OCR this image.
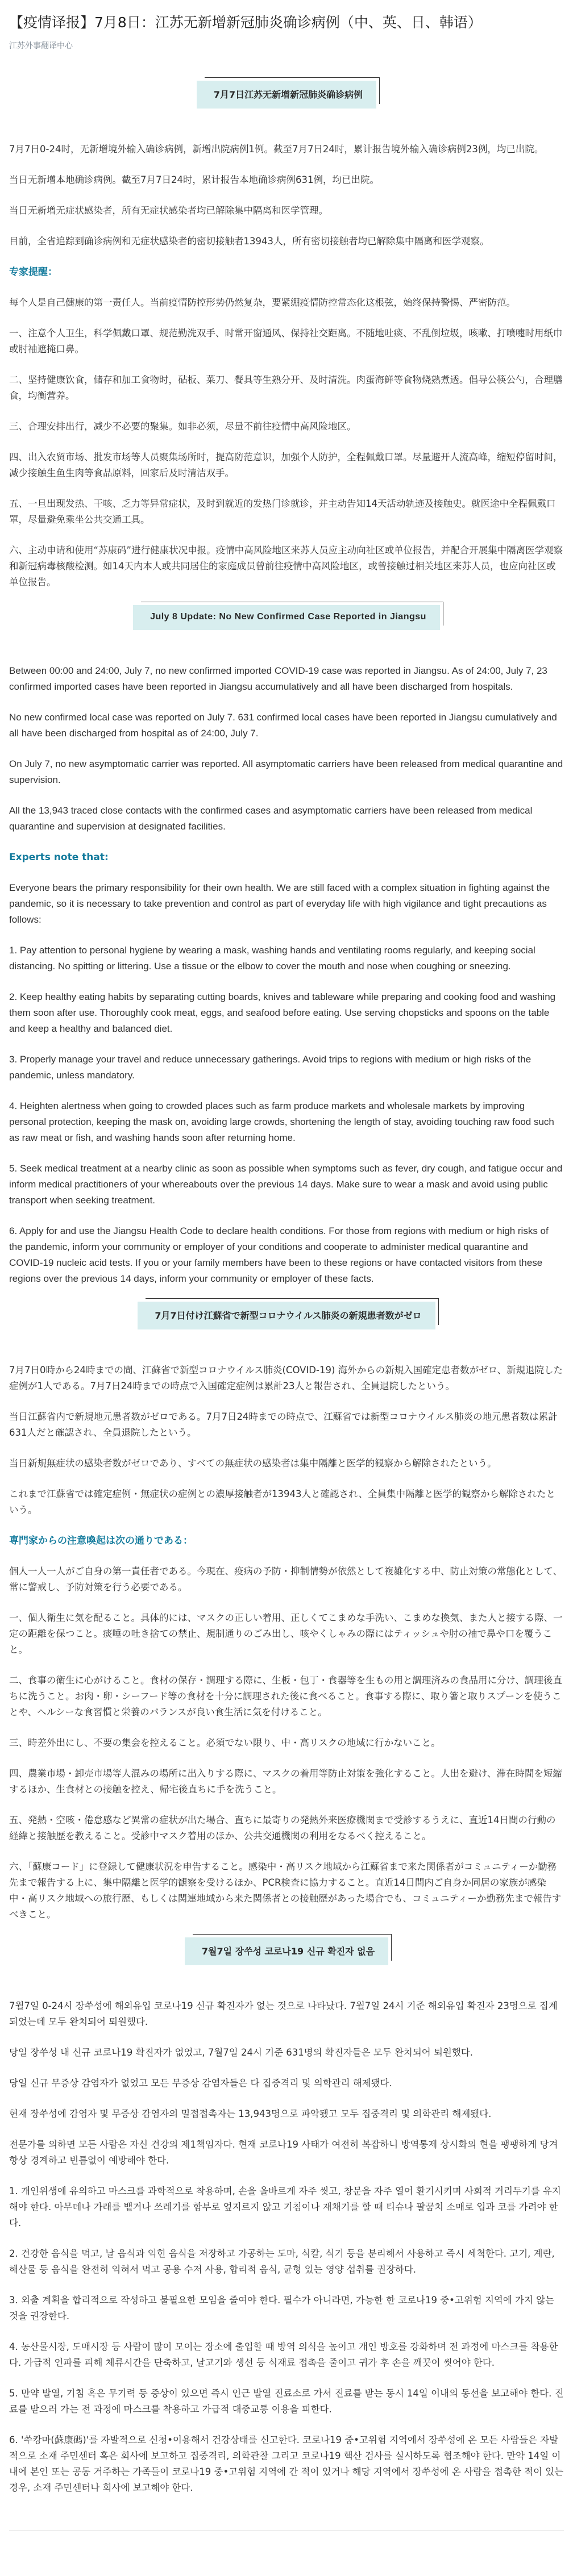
【疫情译报】7月8日：江苏无新增新冠肺炎确诊病例（中、英、日、韩语）
江苏外事翻译中心
7月7日江苏无新增新冠肺炎确诊病例

7月7日0-24时，无新增境外输入确诊病例，新增出院病例1例。截至7月7日24时，累计报告境外输入确诊病例23例，均已出院。

当日无新增本地确诊病例。截至7月7日24时，累计报告本地确诊病例631例，均已出院。

当日无新增无症状感染者，所有无症状感染者均已解除集中隔离和医学管理。

目前，全省追踪到确诊病例和无症状感染者的密切接触者13943人，所有密切接触者均已解除集中隔离和医学观察。

专家提醒：

每个人是自己健康的第一责任人。当前疫情防控形势仍然复杂，要紧绷疫情防控常态化这根弦，始终保持警惕、严密防范。

一、注意个人卫生，科学佩戴口罩、规范勤洗双手、时常开窗通风、保持社交距离。不随地吐痰、不乱倒垃圾，咳嗽、打喷嚏时用纸巾或肘袖遮掩口鼻。

二、坚持健康饮食，储存和加工食物时，砧板、菜刀、餐具等生熟分开、及时清洗。肉蛋海鲜等食物烧熟煮透。倡导公筷公勺，合理膳食，均衡营养。

三、合理安排出行，减少不必要的聚集。如非必须，尽量不前往疫情中高风险地区。

四、出入农贸市场、批发市场等人员聚集场所时，提高防范意识，加强个人防护，全程佩戴口罩。尽量避开人流高峰，缩短停留时间，减少接触生鱼生肉等食品原料，回家后及时清洁双手。

五、一旦出现发热、干咳、乏力等异常症状，及时到就近的发热门诊就诊，并主动告知14天活动轨迹及接触史。就医途中全程佩戴口罩，尽量避免乘坐公共交通工具。

六、主动申请和使用“苏康码”进行健康状况申报。疫情中高风险地区来苏人员应主动向社区或单位报告，并配合开展集中隔离医学观察和新冠病毒核酸检测。如14天内本人或共同居住的家庭成员曾前往疫情中高风险地区，或曾接触过相关地区来苏人员，也应向社区或单位报告。

July 8 Update: No New Confirmed Case Reported in Jiangsu

Between 00:00 and 24:00, July 7, no new confirmed imported COVID-19 case was reported in Jiangsu. As of 24:00, July 7, 23 confirmed imported cases have been reported in Jiangsu accumulatively and all have been discharged from hospitals.

No new confirmed local case was reported on July 7. 631 confirmed local cases have been reported in Jiangsu cumulatively and all have been discharged from hospital as of 24:00, July 7.

On July 7, no new asymptomatic carrier was reported. All asymptomatic carriers have been released from medical quarantine and supervision.

All the 13,943 traced close contacts with the confirmed cases and asymptomatic carriers have been released from medical quarantine and supervision at designated facilities.

Experts note that:

Everyone bears the primary responsibility for their own health. We are still faced with a complex situation in fighting against the pandemic, so it is necessary to take prevention and control as part of everyday life with high vigilance and tight precautions as follows:

1. Pay attention to personal hygiene by wearing a mask, washing hands and ventilating rooms regularly, and keeping social distancing. No spitting or littering. Use a tissue or the elbow to cover the mouth and nose when coughing or sneezing.

2. Keep healthy eating habits by separating cutting boards, knives and tableware while preparing and cooking food and washing them soon after use. Thoroughly cook meat, eggs, and seafood before eating. Use serving chopsticks and spoons on the table and keep a healthy and balanced diet.

3. Properly manage your travel and reduce unnecessary gatherings. Avoid trips to regions with medium or high risks of the pandemic, unless mandatory.

4. Heighten alertness when going to crowded places such as farm produce markets and wholesale markets by improving personal protection, keeping the mask on, avoiding large crowds, shortening the length of stay, avoiding touching raw food such as raw meat or fish, and washing hands soon after returning home.

5. Seek medical treatment at a nearby clinic as soon as possible when symptoms such as fever, dry cough, and fatigue occur and inform medical practitioners of your whereabouts over the previous 14 days. Make sure to wear a mask and avoid using public transport when seeking treatment.

6. Apply for and use the Jiangsu Health Code to declare health conditions. For those from regions with medium or high risks of the pandemic, inform your community or employer of your conditions and cooperate to administer medical quarantine and COVID-19 nucleic acid tests. If you or your family members have been to these regions or have contacted visitors from these regions over the previous 14 days, inform your community or employer of these facts.

7月7日付け江蘇省で新型コロナウイルス肺炎の新規患者数がゼロ

7月7日0時から24時までの間、江蘇省で新型コロナウイルス肺炎(COVID-19) 海外からの新規入国確定患者数がゼロ、新規退院した症例が1人である。7月7日24時までの時点で入国確定症例は累計23人と報告され、全員退院したという。

当日江蘇省内で新規地元患者数がゼロである。7月7日24時までの時点で、江蘇省では新型コロナウイルス肺炎の地元患者数は累計631人だと確認され、全員退院したという。

当日新規無症状の感染者数がゼロであり、すべての無症状の感染者は集中隔離と医学的観察から解除されたという。

これまで江蘇省では確定症例・無症状の症例との濃厚接触者が13943人と確認され、全員集中隔離と医学的観察から解除されたという。

専門家からの注意喚起は次の通りである：

個人一人一人がご自身の第一責任者である。今現在、疫病の予防・抑制情勢が依然として複雑化する中、防止対策の常態化として、常に警戒し、予防対策を行う必要である。

一、個人衛生に気を配ること。具体的には、マスクの正しい着用、正しくてこまめな手洗い、こまめな換気、また人と接する際、一定の距離を保つこと。痰唾の吐き捨ての禁止、規制通りのごみ出し、咳やくしゃみの際にはティッシュや肘の袖で鼻や口を覆うこと。

二、食事の衛生に心がけること。食材の保存・調理する際に、生板・包丁・食器等を生もの用と調理済みの食品用に分け、調理後直ちに洗うこと。お肉・卵・シーフード等の食材を十分に調理された後に食べること。食事する際に、取り箸と取りスプーンを使うことや、ヘルシーな食習慣と栄養のバランスが良い食生活に気を付けること。

三、時差外出にし、不要の集会を控えること。必須でない限り、中・高リスクの地域に行かないこと。

四、農業市場・卸売市場等人混みの場所に出入りする際に、マスクの着用等防止対策を強化すること。人出を避け、滞在時間を短縮するほか、生食材との接触を控え、帰宅後直ちに手を洗うこと。

五、発熱・空咳・倦怠感など異常の症状が出た場合、直ちに最寄りの発熱外来医療機関まで受診するうえに、直近14日間の行動の経緯と接触歴を教えること。受診中マスク着用のほか、公共交通機関の利用をなるべく控えること。

六、「蘇康コード」に登録して健康状況を申告すること。感染中・高リスク地域から江蘇省まで来た関係者がコミュニティーか勤務先まで報告する上に、集中隔離と医学的観察を受けるほか、PCR検査に協力すること。直近14日間内ご自身か同居の家族が感染中・高リスク地域への旅行歴、もしくは関連地域から来た関係者との接触歴があった場合でも、コミュニティーか勤務先まで報告すべきこと。

7월7일 장쑤성 코로나19 신규 확진자 없음

7월7일 0-24시 장쑤성에 해외유입 코로나19 신규 확진자가 없는 것으로 나타났다. 7월7일 24시 기준 해외유입 확진자 23명으로 집계되었는데 모두 완치되어 퇴원했다.

당일 장쑤성 내 신규 코로나19 확진자가 없었고, 7월7일 24시 기준 631명의 확진자들은 모두 완치되어 퇴원했다.

당일 신규 무증상 감염자가 없었고 모든 무증상 감염자들은 다 집중격리 및 의학관리 해제됐다.

현재 장쑤성에 감염자 및 무증상 감염자의 밀접접촉자는 13,943명으로 파악됐고 모두 집중격리 및 의학관리 해제됐다.

전문가를 의하면 모든 사람은 자신 건강의 제1책임자다. 현재 코로나19 사태가 여전히 복잡하니 방역통제 상시화의 현을 팽팽하게 당겨 항상 경계하고 빈틈없이 예방해야 한다.

1. 개인위생에 유의하고 마스크를 과학적으로 착용하며, 손을 올바르게 자주 씻고, 창문을 자주 열어 환기시키며 사회적 거리두기를 유지해야 한다. 아무데나 가래를 뱉거나 쓰레기를 함부로 엎지르지 않고 기침이나 재채기를 할 때 티슈나 팔꿈치 소매로 입과 코를 가려야 한다.

2. 건강한 음식을 먹고, 날 음식과 익힌 음식을 저장하고 가공하는 도마, 식칼, 식기 등을 분리해서 사용하고 즉시 세척한다. 고기, 계란, 해산물 등 음식을 완전히 익혀서 먹고 공용 수저 사용, 합리적 음식, 균형 있는 영양 섭취를 권장하다.

3. 외출 계획을 합리적으로 작성하고 불필요한 모임을 줄여야 한다. 필수가 아니라면, 가능한 한 코로나19 중•고위험 지역에 가지 않는 것을 권장한다.

4. 농산물시장, 도매시장 등 사람이 많이 모이는 장소에 출입할 때 방역 의식을 높이고 개인 방호를 강화하며 전 과정에 마스크를 착용한다. 가급적 인파를 피해 체류시간을 단축하고, 날고기와 생선 등 식재료 접촉을 줄이고 귀가 후 손을 깨끗이 씻어야 한다.

5. 만약 발열, 기침 혹은 무기력 등 증상이 있으면 즉시 인근 발열 진료소로 가서 진료를 받는 동시 14일 이내의 동선을 보고해야 한다. 진료를 받으러 가는 전 과정에 마스크를 착용하고 가급적 대중교통 이용을 피한다.

6. '쑤캉마(蘇康碼)'를 자발적으로 신청•이용해서 건강상태를 신고한다. 코로나19 중•고위험 지역에서 장쑤성에 온 모든 사람들은 자발적으로 소재 주민센터 혹은 회사에 보고하고 집중격리, 의학관찰 그리고 코로나19 핵산 검사를 실시하도록 협조해야 한다. 만약 14일 이내에 본인 또는 공동 거주하는 가족들이 코로나19 중•고위험 지역에 간 적이 있거나 해당 지역에서 장쑤성에 온 사람을 접촉한 적이 있는 경우, 소재 주민센터나 회사에 보고해야 한다.
